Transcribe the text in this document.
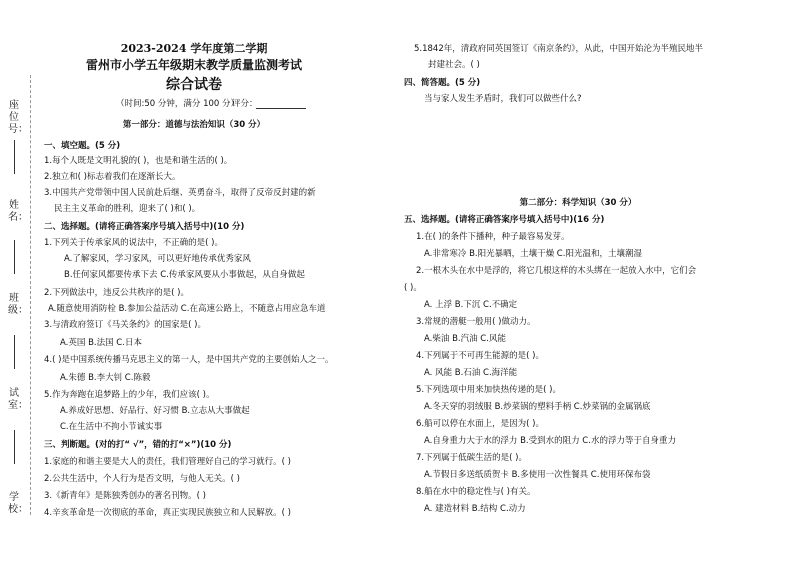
座位号：
姓名：
班级：
试室：
学校：
2023-2024 学年度第二学期
雷州市小学五年级期末教学质量监测考试
综合试卷
（时间:50 分钟，满分 100 分）
评分：
第一部分：道德与法治知识（30 分）
一、填空题。(5 分)
1.每个人既是文明礼貌的( )，也是和谐生活的( )。
2.独立和( )标志着我们在逐渐长大。
3.中国共产党带领中国人民前赴后继、英勇奋斗，取得了反帝反封建的新
民主主义革命的胜利，迎来了( )和( )。
二、选择题。(请将正确答案序号填入括号中)(10 分)
1.下列关于传承家风的说法中，不正确的是( )。
A.了解家风，学习家风，可以更好地传承优秀家风
B.任何家风都要传承下去 C.传承家风要从小事做起，从自身做起
2.下列做法中，违反公共秩序的是( )。
A.随意使用消防栓 B.参加公益活动 C.在高速公路上，不随意占用应急车道
3.与清政府签订《马关条约》的国家是( )。
A.英国 B.法国 C.日本
4.( )是中国系统传播马克思主义的第一人，是中国共产党的主要创始人之一。
A.朱德 B.李大钊 C.陈毅
5.作为奔跑在追梦路上的少年，我们应该( )。
A.养成好思想、好品行、好习惯 B.立志从大事做起
C.在生活中不拘小节诚实事
三、判断题。(对的打“ √”，错的打“×”)(10 分)
1.家庭的和谐主要是大人的责任，我们管理好自己的学习就行。( )
2.公共生活中，个人行为是否文明，与他人无关。( )
3.《新青年》是陈独秀创办的著名刊物。( )
4.辛亥革命是一次彻底的革命，真正实现民族独立和人民解放。( )
5.1842年，清政府同英国签订《南京条约》，从此，中国开始沦为半殖民地半
封建社会。( )
四、简答题。(5 分)
当与家人发生矛盾时，我们可以做些什么?
第二部分：科学知识（30 分）
五、选择题。(请将正确答案序号填入括号中)(16 分)
1.在( )的条件下播种，种子最容易发芽。
A.非常寒冷 B.阳光暴晒，土壤干燥 C.阳光温和，土壤潮湿
2.一根木头在水中是浮的，将它几根这样的木头绑在一起放入水中，它们会
( )。
A. 上浮 B.下沉 C.不确定
3.常规的潜艇一般用( )做动力。
A.柴油 B.汽油 C.风能
4.下列属于不可再生能源的是( )。
A. 风能 B.石油 C.海洋能
5.下列选项中用来加快热传递的是( )。
A.冬天穿的羽绒服 B.炒菜锅的塑料手柄 C.炒菜锅的金属锅底
6.船可以停在水面上，是因为( )。
A.自身重力大于水的浮力 B.受到水的阻力 C.水的浮力等于自身重力
7.下列属于低碳生活的是( )。
A.节假日多送纸质贺卡 B.多使用一次性餐具 C.使用环保布袋
8.船在水中的稳定性与( )有关。
A. 建造材料 B.结构 C.动力
